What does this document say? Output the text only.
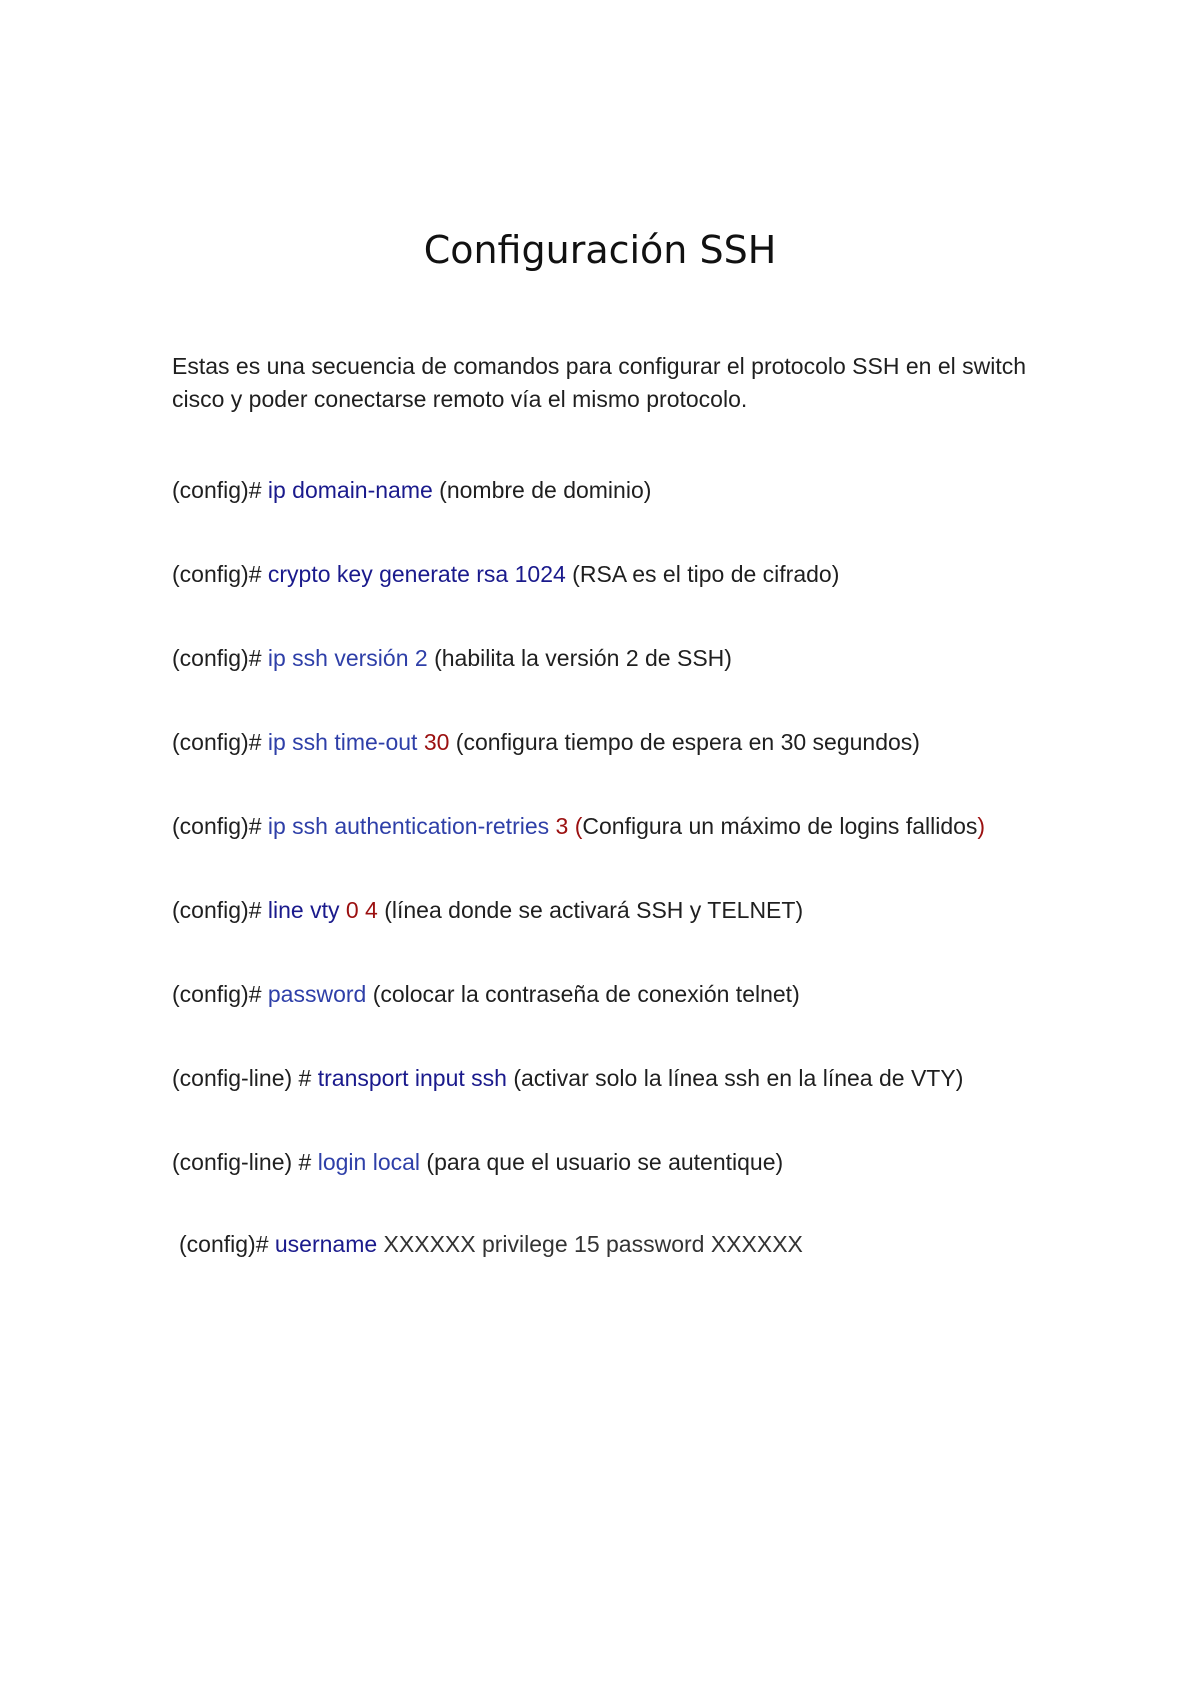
Configuración SSH

Estas es una secuencia de comandos para configurar el protocolo SSH en el switch cisco y poder conectarse remoto vía el mismo protocolo.

(config)# ip domain-name (nombre de dominio)

(config)# crypto key generate rsa 1024 (RSA es el tipo de cifrado)

(config)# ip ssh versión 2 (habilita la versión 2 de SSH)

(config)# ip ssh time-out 30 (configura tiempo de espera en 30 segundos)

(config)# ip ssh authentication-retries 3 (Configura un máximo de logins fallidos)

(config)# line vty 0 4 (línea donde se activará SSH y TELNET)

(config)# password (colocar la contraseña de conexión telnet)

(config-line) # transport input ssh (activar solo la línea ssh en la línea de VTY)

(config-line) # login local (para que el usuario se autentique)

(config)# username XXXXXX privilege 15 password XXXXXX
